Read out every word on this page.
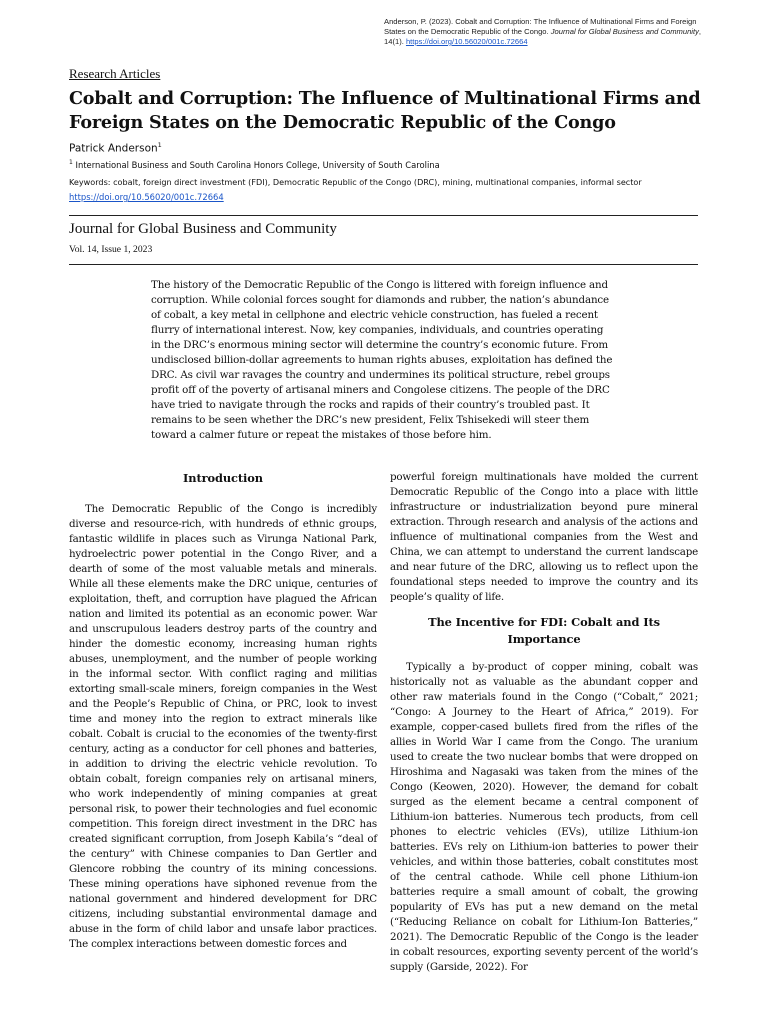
Anderson, P. (2023). Cobalt and Corruption: The Influence of Multinational Firms and Foreign States on the Democratic Republic of the Congo. Journal for Global Business and Community, 14(1). https://doi.org/10.56020/001c.72664
Research Articles
Cobalt and Corruption: The Influence of Multinational Firms and Foreign States on the Democratic Republic of the Congo
Patrick Anderson$^1$
$^1$ International Business and South Carolina Honors College, University of South Carolina
Keywords: cobalt, foreign direct investment (FDI), Democratic Republic of the Congo (DRC), mining, multinational companies, informal sector
https://doi.org/10.56020/001c.72664
Journal for Global Business and Community
Vol. 14, Issue 1, 2023

The history of the Democratic Republic of the Congo is littered with foreign influence and corruption. While colonial forces sought for diamonds and rubber, the nation’s abundance of cobalt, a key metal in cellphone and electric vehicle construction, has fueled a recent flurry of international interest. Now, key companies, individuals, and countries operating in the DRC’s enormous mining sector will determine the country’s economic future. From undisclosed billion-dollar agreements to human rights abuses, exploitation has defined the DRC. As civil war ravages the country and undermines its political structure, rebel groups profit off of the poverty of artisanal miners and Congolese citizens. The people of the DRC have tried to navigate through the rocks and rapids of their country’s troubled past. It remains to be seen whether the DRC’s new president, Felix Tshisekedi will steer them toward a calmer future or repeat the mistakes of those before him.

Introduction

The Democratic Republic of the Congo is incredibly diverse and resource-rich, with hundreds of ethnic groups, fantastic wildlife in places such as Virunga National Park, hydroelectric power potential in the Congo River, and a dearth of some of the most valuable metals and minerals. While all these elements make the DRC unique, centuries of exploitation, theft, and corruption have plagued the African nation and limited its potential as an economic power. War and unscrupulous leaders destroy parts of the country and hinder the domestic economy, increasing human rights abuses, unemployment, and the number of people working in the informal sector. With conflict raging and militias extorting small-scale miners, foreign companies in the West and the People’s Republic of China, or PRC, look to invest time and money into the region to extract minerals like cobalt. Cobalt is crucial to the economies of the twenty-first century, acting as a conductor for cell phones and batteries, in addition to driving the electric vehicle revolution. To obtain cobalt, foreign companies rely on artisanal miners, who work independently of mining companies at great personal risk, to power their technologies and fuel economic competition. This foreign direct investment in the DRC has created significant corruption, from Joseph Kabila’s “deal of the century” with Chinese companies to Dan Gertler and Glencore robbing the country of its mining concessions. These mining operations have siphoned revenue from the national government and hindered development for DRC citizens, including substantial environmental damage and abuse in the form of child labor and unsafe labor practices. The complex interactions between domestic forces and

powerful foreign multinationals have molded the current Democratic Republic of the Congo into a place with little infrastructure or industrialization beyond pure mineral extraction. Through research and analysis of the actions and influence of multinational companies from the West and China, we can attempt to understand the current landscape and near future of the DRC, allowing us to reflect upon the foundational steps needed to improve the country and its people’s quality of life.

The Incentive for FDI: Cobalt and Its Importance

Typically a by-product of copper mining, cobalt was historically not as valuable as the abundant copper and other raw materials found in the Congo (“Cobalt,” 2021; “Congo: A Journey to the Heart of Africa,” 2019). For example, copper-cased bullets fired from the rifles of the allies in World War I came from the Congo. The uranium used to create the two nuclear bombs that were dropped on Hiroshima and Nagasaki was taken from the mines of the Congo (Keowen, 2020). However, the demand for cobalt surged as the element became a central component of Lithium-ion batteries. Numerous tech products, from cell phones to electric vehicles (EVs), utilize Lithium-ion batteries. EVs rely on Lithium-ion batteries to power their vehicles, and within those batteries, cobalt constitutes most of the central cathode. While cell phone Lithium-ion batteries require a small amount of cobalt, the growing popularity of EVs has put a new demand on the metal (“Reducing Reliance on cobalt for Lithium-Ion Batteries,” 2021). The Democratic Republic of the Congo is the leader in cobalt resources, exporting seventy percent of the world’s supply (Garside, 2022). For
